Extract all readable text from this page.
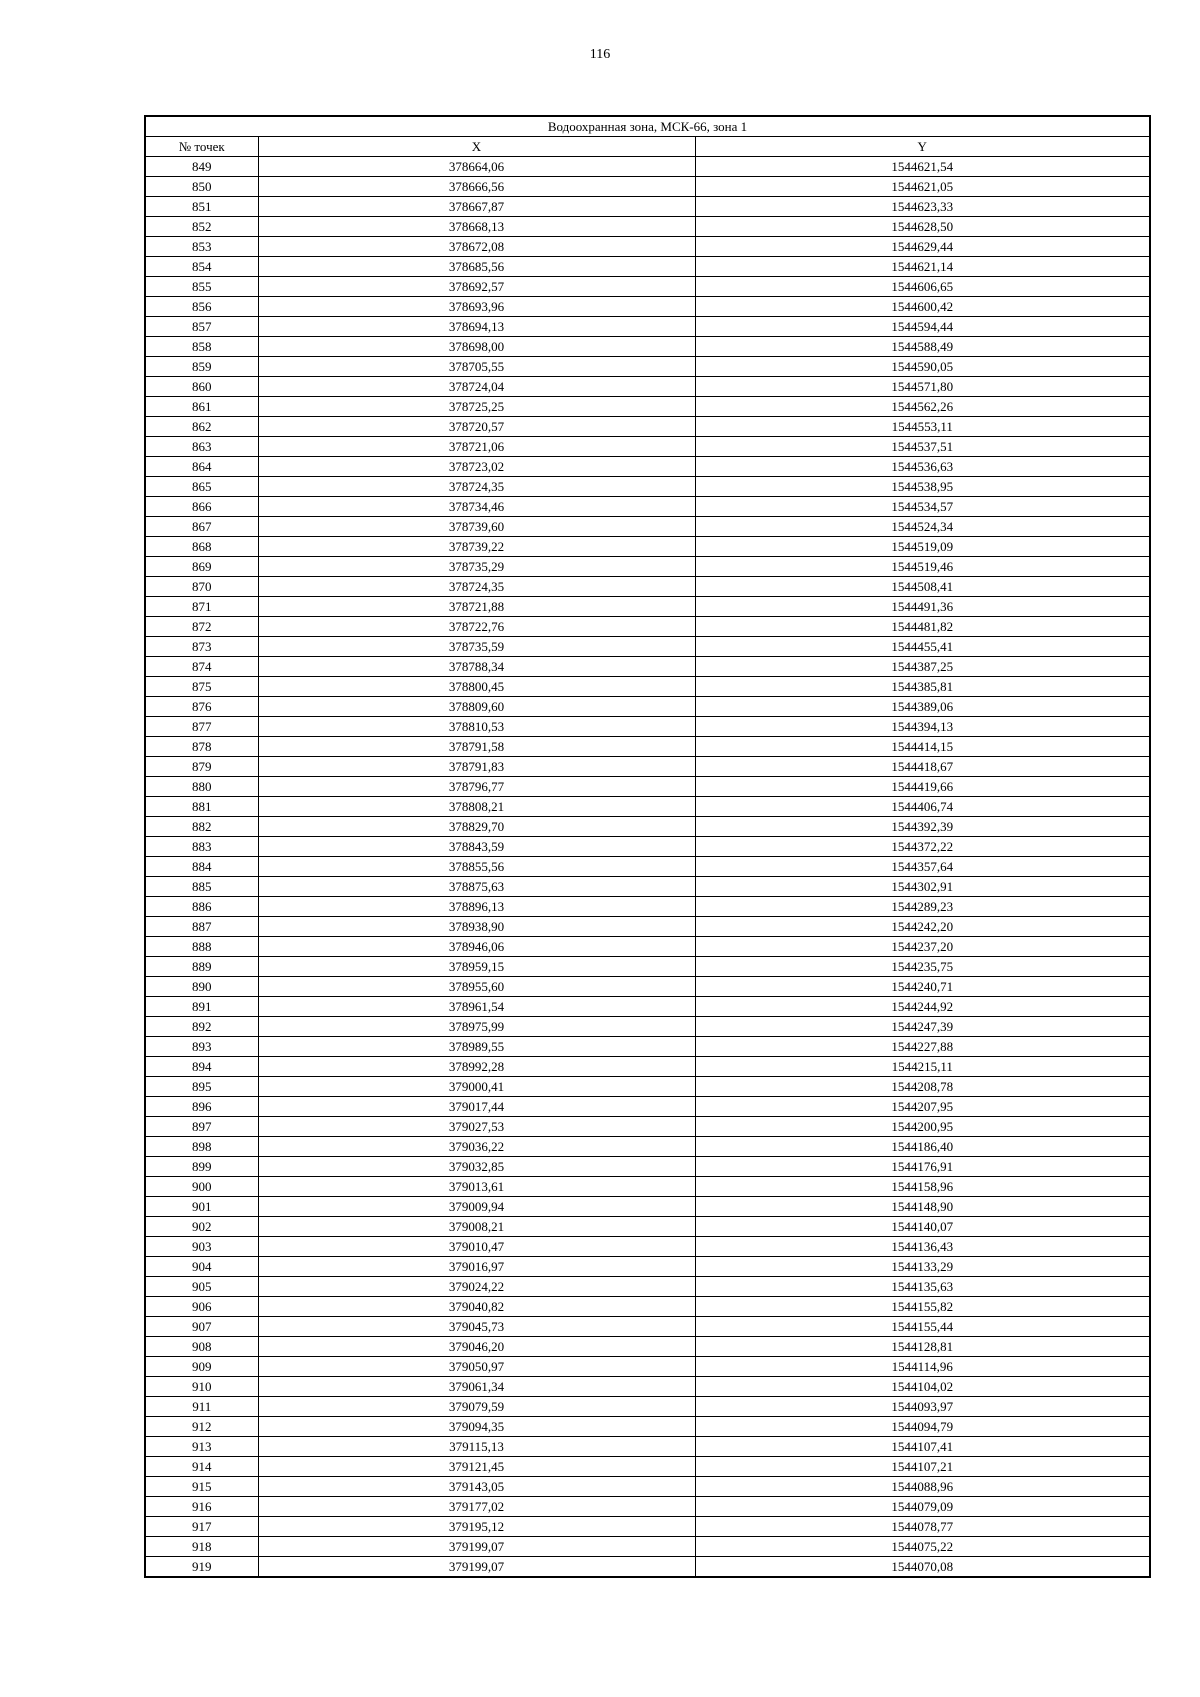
116
Водоохранная зона, МСК-66, зона 1		
№ точек	X	Y
849	378664,06	1544621,54
850	378666,56	1544621,05
851	378667,87	1544623,33
852	378668,13	1544628,50
853	378672,08	1544629,44
854	378685,56	1544621,14
855	378692,57	1544606,65
856	378693,96	1544600,42
857	378694,13	1544594,44
858	378698,00	1544588,49
859	378705,55	1544590,05
860	378724,04	1544571,80
861	378725,25	1544562,26
862	378720,57	1544553,11
863	378721,06	1544537,51
864	378723,02	1544536,63
865	378724,35	1544538,95
866	378734,46	1544534,57
867	378739,60	1544524,34
868	378739,22	1544519,09
869	378735,29	1544519,46
870	378724,35	1544508,41
871	378721,88	1544491,36
872	378722,76	1544481,82
873	378735,59	1544455,41
874	378788,34	1544387,25
875	378800,45	1544385,81
876	378809,60	1544389,06
877	378810,53	1544394,13
878	378791,58	1544414,15
879	378791,83	1544418,67
880	378796,77	1544419,66
881	378808,21	1544406,74
882	378829,70	1544392,39
883	378843,59	1544372,22
884	378855,56	1544357,64
885	378875,63	1544302,91
886	378896,13	1544289,23
887	378938,90	1544242,20
888	378946,06	1544237,20
889	378959,15	1544235,75
890	378955,60	1544240,71
891	378961,54	1544244,92
892	378975,99	1544247,39
893	378989,55	1544227,88
894	378992,28	1544215,11
895	379000,41	1544208,78
896	379017,44	1544207,95
897	379027,53	1544200,95
898	379036,22	1544186,40
899	379032,85	1544176,91
900	379013,61	1544158,96
901	379009,94	1544148,90
902	379008,21	1544140,07
903	379010,47	1544136,43
904	379016,97	1544133,29
905	379024,22	1544135,63
906	379040,82	1544155,82
907	379045,73	1544155,44
908	379046,20	1544128,81
909	379050,97	1544114,96
910	379061,34	1544104,02
911	379079,59	1544093,97
912	379094,35	1544094,79
913	379115,13	1544107,41
914	379121,45	1544107,21
915	379143,05	1544088,96
916	379177,02	1544079,09
917	379195,12	1544078,77
918	379199,07	1544075,22
919	379199,07	1544070,08
